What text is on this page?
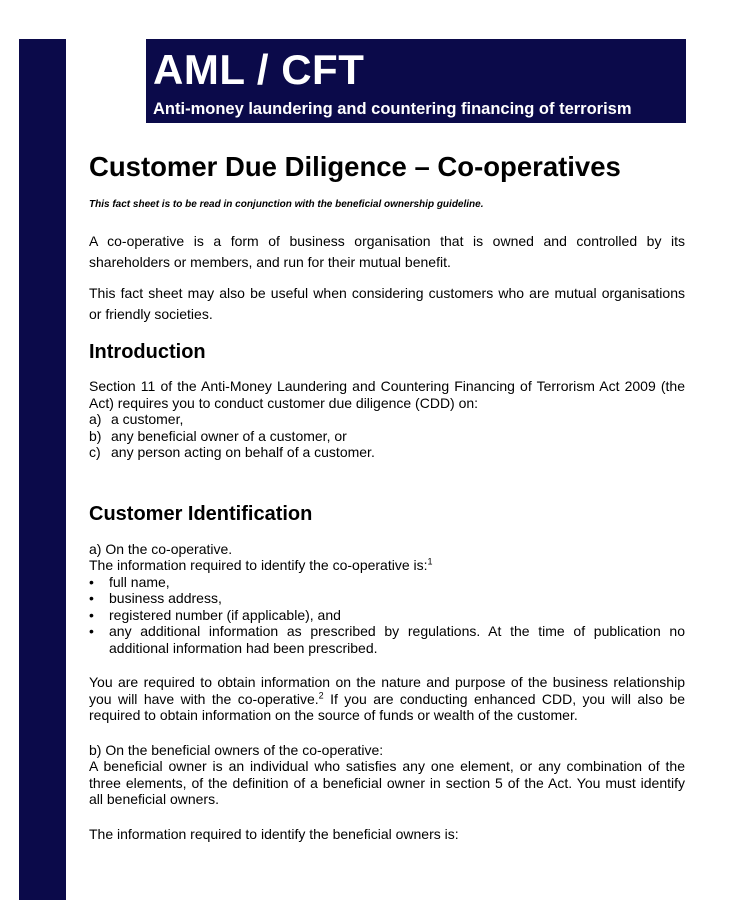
AML / CFT
Anti-money laundering and countering financing of terrorism
Customer Due Diligence – Co-operatives
This fact sheet is to be read in conjunction with the beneficial ownership guideline.

A co-operative is a form of business organisation that is owned and controlled by its shareholders or members, and run for their mutual benefit.

This fact sheet may also be useful when considering customers who are mutual organisations or friendly societies.

Introduction

Section 11 of the Anti-Money Laundering and Countering Financing of Terrorism Act 2009 (the Act) requires you to conduct customer due diligence (CDD) on:

a) a customer,
b) any beneficial owner of a customer, or
c) any person acting on behalf of a customer.
Customer Identification

a) On the co-operative.

The information required to identify the co-operative is:$^1$

•	full name,
•	business address,
•	registered number (if applicable), and
•	any additional information as prescribed by regulations. At the time of publication no additional information had been prescribed.

You are required to obtain information on the nature and purpose of the business relationship you will have with the co-operative.$^2$ If you are conducting enhanced CDD, you will also be required to obtain information on the source of funds or wealth of the customer.

b) On the beneficial owners of the co-operative:

A beneficial owner is an individual who satisfies any one element, or any combination of the three elements, of the definition of a beneficial owner in section 5 of the Act. You must identify all beneficial owners.

The information required to identify the beneficial owners is:
